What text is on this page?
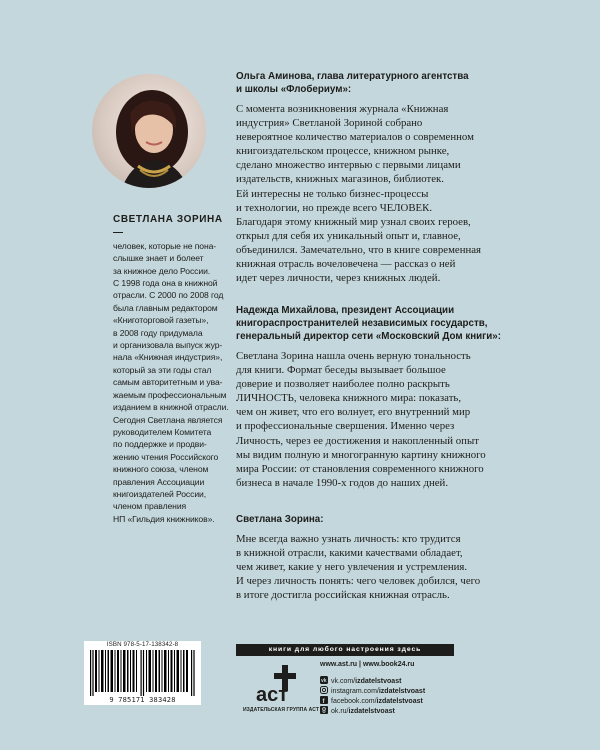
СВЕТЛАНА ЗОРИНА —

человек, которые не пона-

слышке знает и болеет

за книжное дело России.

С 1998 года она в книжной

отрасли. С 2000 по 2008 год

была главным редактором

«Книготорговой газеты»,

в 2008 году придумала

и организовала выпуск жур-

нала «Книжная индустрия»,

который за эти годы стал

самым авторитетным и ува-

жаемым профессиональным

изданием в книжной отрасли.

Сегодня Светлана является

руководителем Комитета

по поддержке и продви-

жению чтения Российского

книжного союза, членом

правления Ассоциации

книгоиздателей России,

членом правления

НП «Гильдия книжников».

Ольга Аминова, глава литературного агентства

и школы «Флобериум»:

С момента возникновения журнала «Книжная
индустрия» Светланой Зориной собрано
невероятное количество материалов о современном
книгоиздательском процессе, книжном рынке,
сделано множество интервью с первыми лицами
издательств, книжных магазинов, библиотек.
Ей интересны не только бизнес-процессы
и технологии, но прежде всего ЧЕЛОВЕК.
Благодаря этому книжный мир узнал своих героев,
открыл для себя их уникальный опыт и, главное,
объединился. Замечательно, что в книге современная
книжная отрасль вочеловечена — рассказ о ней
идет через личности, через книжных людей.

Надежда Михайлова, президент Ассоциации

книгораспространителей независимых государств,

генеральный директор сети «Московский Дом книги»:

Светлана Зорина нашла очень верную тональность
для книги. Формат беседы вызывает большое
доверие и позволяет наиболее полно раскрыть
ЛИЧНОСТЬ, человека книжного мира: показать,
чем он живет, что его волнует, его внутренний мир
и профессиональные свершения. Именно через
Личность, через ее достижения и накопленный опыт
мы видим полную и многогранную картину книжного
мира России: от становления современного книжного
бизнеса в начале 1990-х годов до наших дней.

Светлана Зорина:

Мне всегда важно узнать личность: кто трудится
в книжной отрасли, какими качествами обладает,
чем живет, какие у него увлечения и устремления.
И через личность понять: чего человек добился, чего
в итоге достигла российская книжная отрасль.
ISBN 978-5-17-138342-8
9 785171 383428
книги для любого настроения здесь
аст
ИЗДАТЕЛЬСКАЯ ГРУППА АСТ
www.ast.ru | www.book24.ru
vk vk.com/izdatelstvoast
instagram.com/izdatelstvoast
f facebook.com/izdatelstvoast
ok.ru/izdatelstvoast
